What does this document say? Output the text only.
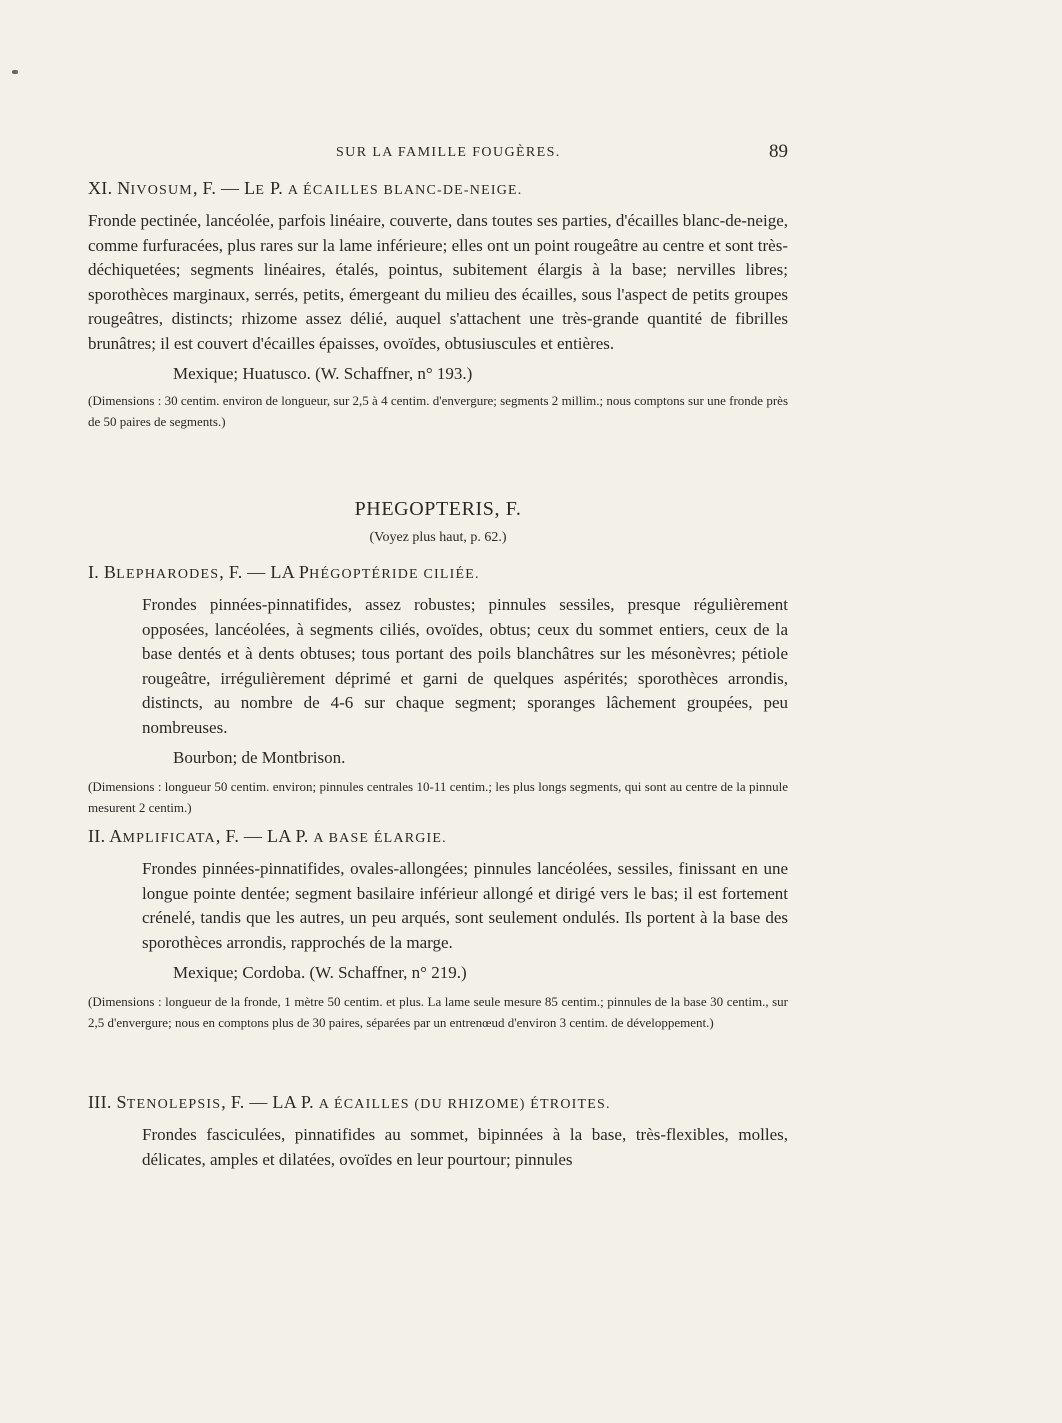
SUR LA FAMILLE FOUGÈRES.	89
XI. NIVOSUM, F. — LE P. A ÉCAILLES BLANC-DE-NEIGE.

Fronde pectinée, lancéolée, parfois linéaire, couverte, dans toutes ses parties, d'écailles blanc-de-neige, comme furfuracées, plus rares sur la lame inférieure; elles ont un point rougeâtre au centre et sont très-déchiquetées; segments linéaires, étalés, pointus, subitement élargis à la base; nervilles libres; sporothèces marginaux, serrés, petits, émergeant du milieu des écailles, sous l'aspect de petits groupes rougeâtres, distincts; rhizome assez délié, auquel s'attachent une très-grande quantité de fibrilles brunâtres; il est couvert d'écailles épaisses, ovoïdes, obtusiuscules et entières.

Mexique; Huatusco. (W. Schaffner, n° 193.)
(Dimensions : 30 centim. environ de longueur, sur 2,5 à 4 centim. d'envergure; segments 2 millim.; nous comptons sur une fronde près de 50 paires de segments.)
PHEGOPTERIS, F.
(Voyez plus haut, p. 62.)
I. BLEPHARODES, F. — LA PHÉGOPTÉRIDE CILIÉE.

Frondes pinnées-pinnatifides, assez robustes; pinnules sessiles, presque régulièrement opposées, lancéolées, à segments ciliés, ovoïdes, obtus; ceux du sommet entiers, ceux de la base dentés et à dents obtuses; tous portant des poils blanchâtres sur les mésonèvres; pétiole rougeâtre, irrégulièrement déprimé et garni de quelques aspérités; sporothèces arrondis, distincts, au nombre de 4-6 sur chaque segment; sporanges lâchement groupées, peu nombreuses.

Bourbon; de Montbrison.
(Dimensions : longueur 50 centim. environ; pinnules centrales 10-11 centim.; les plus longs segments, qui sont au centre de la pinnule mesurent 2 centim.)
II. AMPLIFICATA, F. — LA P. A BASE ÉLARGIE.

Frondes pinnées-pinnatifides, ovales-allongées; pinnules lancéolées, sessiles, finissant en une longue pointe dentée; segment basilaire inférieur allongé et dirigé vers le bas; il est fortement crénelé, tandis que les autres, un peu arqués, sont seulement ondulés. Ils portent à la base des sporothèces arrondis, rapprochés de la marge.

Mexique; Cordoba. (W. Schaffner, n° 219.)
(Dimensions : longueur de la fronde, 1 mètre 50 centim. et plus. La lame seule mesure 85 centim.; pinnules de la base 30 centim., sur 2,5 d'envergure; nous en comptons plus de 30 paires, séparées par un entrenœud d'environ 3 centim. de développement.)
III. STENOLEPSIS, F. — LA P. A ÉCAILLES (DU RHIZOME) ÉTROITES.

Frondes fasciculées, pinnatifides au sommet, bipinnées à la base, très-flexibles, molles, délicates, amples et dilatées, ovoïdes en leur pourtour; pinnules
